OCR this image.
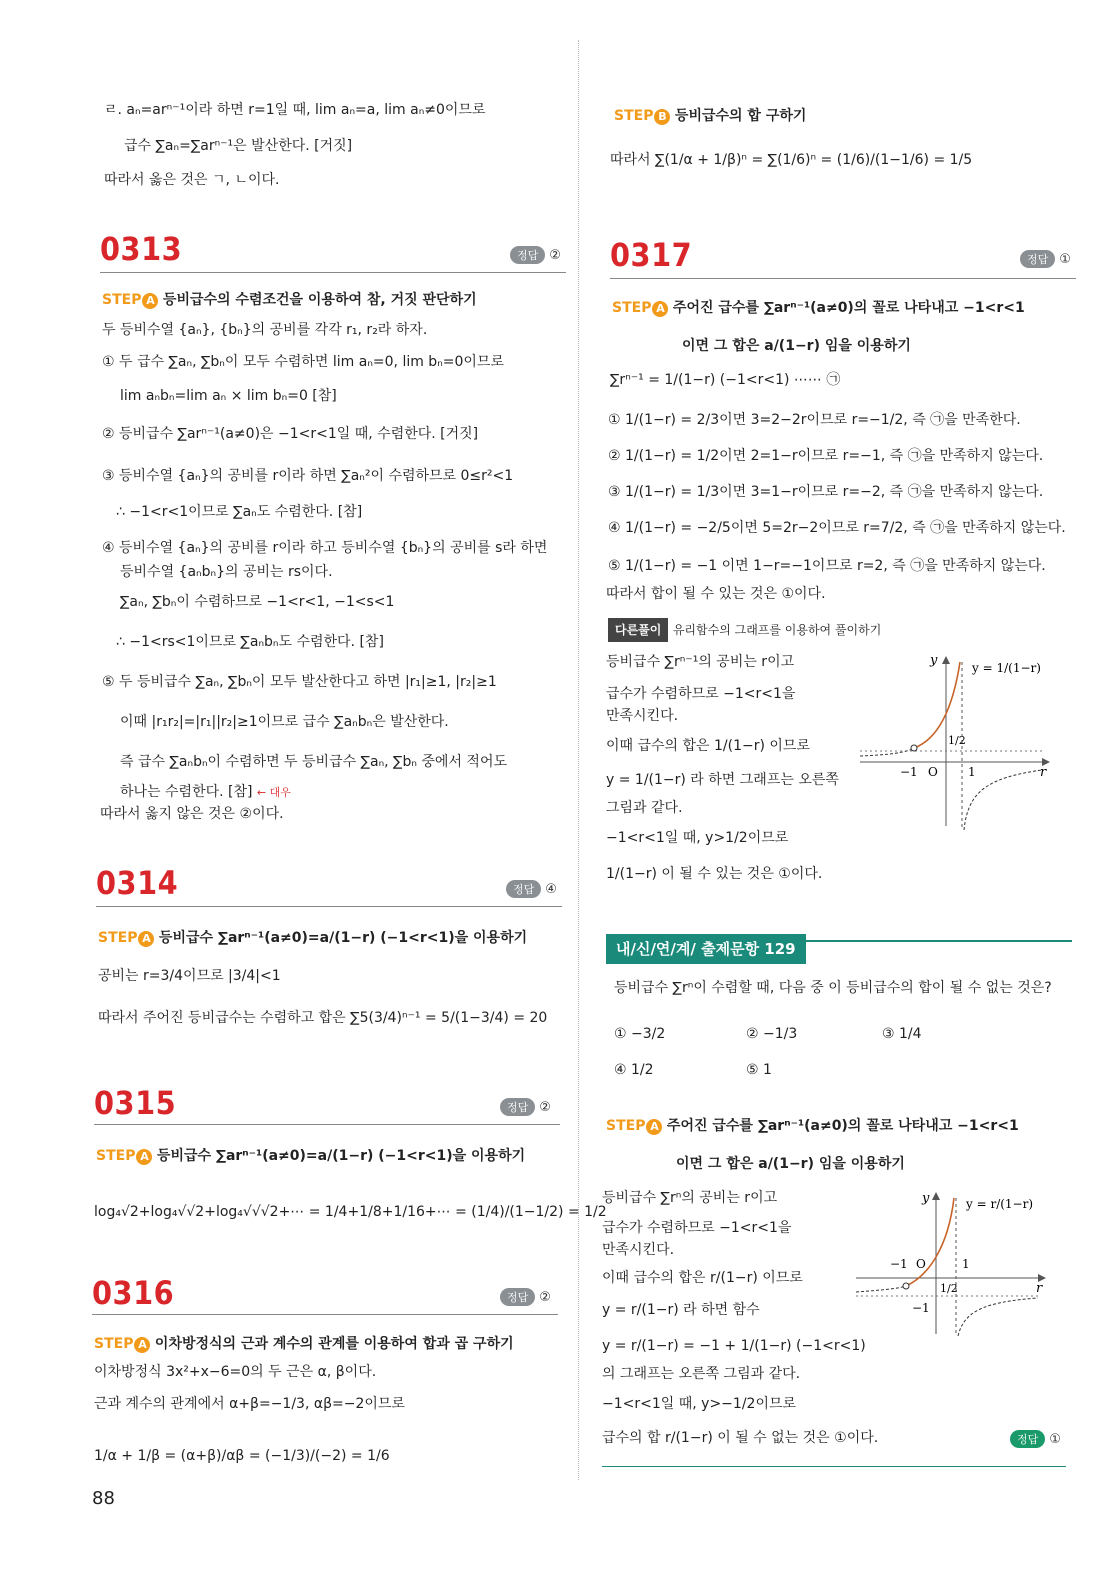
ㄹ. aₙ=arⁿ⁻¹이라 하면 r=1일 때, lim aₙ=a, lim aₙ≠0이므로
급수 ∑aₙ=∑arⁿ⁻¹은 발산한다. [거짓]
따라서 옳은 것은 ㄱ, ㄴ이다.
0313	정답 ②
STEP A 등비급수의 수렴조건을 이용하여 참, 거짓 판단하기
두 등비수열 {aₙ}, {bₙ}의 공비를 각각 r₁, r₂라 하자.
① 두 급수 ∑aₙ, ∑bₙ이 모두 수렴하면 lim aₙ=0, lim bₙ=0이므로
lim aₙbₙ=lim aₙ × lim bₙ=0 [참]
② 등비급수 ∑arⁿ⁻¹(a≠0)은 −1<r<1일 때, 수렴한다. [거짓]
③ 등비수열 {aₙ}의 공비를 r이라 하면 ∑aₙ²이 수렴하므로 0≤r²<1
∴ −1<r<1이므로 ∑aₙ도 수렴한다. [참]
④ 등비수열 {aₙ}의 공비를 r이라 하고 등비수열 {bₙ}의 공비를 s라 하면
등비수열 {aₙbₙ}의 공비는 rs이다.
∑aₙ, ∑bₙ이 수렴하므로 −1<r<1, −1<s<1
∴ −1<rs<1이므로 ∑aₙbₙ도 수렴한다. [참]
⑤ 두 등비급수 ∑aₙ, ∑bₙ이 모두 발산한다고 하면 |r₁|≥1, |r₂|≥1
이때 |r₁r₂|=|r₁||r₂|≥1이므로 급수 ∑aₙbₙ은 발산한다.
즉 급수 ∑aₙbₙ이 수렴하면 두 등비급수 ∑aₙ, ∑bₙ 중에서 적어도
하나는 수렴한다. [참] ← 대우
따라서 옳지 않은 것은 ②이다.
0314	정답 ④
STEP A 등비급수 ∑arⁿ⁻¹(a≠0)=a/(1−r) (−1<r<1)을 이용하기
공비는 r=3/4이므로 |3/4|<1
따라서 주어진 등비급수는 수렴하고 합은 ∑5(3/4)ⁿ⁻¹ = 5/(1−3/4) = 20
0315	정답 ②
STEP A 등비급수 ∑arⁿ⁻¹(a≠0)=a/(1−r) (−1<r<1)을 이용하기
log₄√2+log₄√√2+log₄√√√2+⋯ = 1/4+1/8+1/16+⋯ = (1/4)/(1−1/2) = 1/2
0316	정답 ②
STEP A 이차방정식의 근과 계수의 관계를 이용하여 합과 곱 구하기
이차방정식 3x²+x−6=0의 두 근은 α, β이다.
근과 계수의 관계에서 α+β=−1/3, αβ=−2이므로
1/α + 1/β = (α+β)/αβ = (−1/3)/(−2) = 1/6
88
STEP B 등비급수의 합 구하기
따라서 ∑(1/α + 1/β)ⁿ = ∑(1/6)ⁿ = (1/6)/(1−1/6) = 1/5
0317	정답 ①
STEP A 주어진 급수를 ∑arⁿ⁻¹(a≠0)의 꼴로 나타내고 −1<r<1
이면 그 합은 a/(1−r) 임을 이용하기
∑rⁿ⁻¹ = 1/(1−r) (−1<r<1) ⋯⋯ ㉠
① 1/(1−r) = 2/3이면 3=2−2r이므로 r=−1/2, 즉 ㉠을 만족한다.
② 1/(1−r) = 1/2이면 2=1−r이므로 r=−1, 즉 ㉠을 만족하지 않는다.
③ 1/(1−r) = 1/3이면 3=1−r이므로 r=−2, 즉 ㉠을 만족하지 않는다.
④ 1/(1−r) = −2/5이면 5=2r−2이므로 r=7/2, 즉 ㉠을 만족하지 않는다.
⑤ 1/(1−r) = −1 이면 1−r=−1이므로 r=2, 즉 ㉠을 만족하지 않는다.
따라서 합이 될 수 있는 것은 ①이다.
다른풀이 유리함수의 그래프를 이용하여 풀이하기
등비급수 ∑rⁿ⁻¹의 공비는 r이고
급수가 수렴하므로 −1<r<1을
만족시킨다.
이때 급수의 합은 1/(1−r) 이므로
y = 1/(1−r) 라 하면 그래프는 오른쪽
그림과 같다.
−1<r<1일 때, y>1/2이므로
1/(1−r) 이 될 수 있는 것은 ①이다.
y	y = 1/(1−r)
1/2
−1 O	1	r
내/신/연/계/ 출제문항 129
등비급수 ∑rⁿ이 수렴할 때, 다음 중 이 등비급수의 합이 될 수 없는 것은?
① −3/2	② −1/3	③ 1/4
④ 1/2	⑤ 1
STEP A 주어진 급수를 ∑arⁿ⁻¹(a≠0)의 꼴로 나타내고 −1<r<1
이면 그 합은 a/(1−r) 임을 이용하기
등비급수 ∑rⁿ의 공비는 r이고
급수가 수렴하므로 −1<r<1을
만족시킨다.
이때 급수의 합은 r/(1−r) 이므로
y = r/(1−r) 라 하면 함수
y = r/(1−r) = −1 + 1/(1−r) (−1<r<1)
의 그래프는 오른쪽 그림과 같다.
−1<r<1일 때, y>−1/2이므로
급수의 합 r/(1−r) 이 될 수 없는 것은 ①이다.	정답 ①
y	y = r/(1−r)
−1 O	1
1/2	r
−1
